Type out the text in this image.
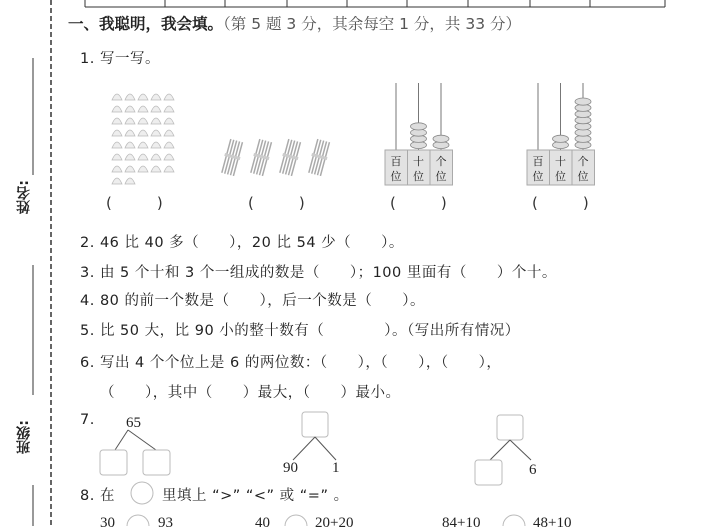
百
位
十
位
个
位
百
位
十
位
个
位
姓名:
班级:
一、我聪明，我会填。（第 5 题 3 分，其余每空 1 分，共 33 分）
1. 写一写。
(　　　)	(　　　)	(　　　)	(　　　)
2. 46 比 40 多（　　），20 比 54 少（　　）。
3. 由 5 个十和 3 个一组成的数是（　　）；100 里面有（　　）个十。
4. 80 的前一个数是（　　），后一个数是（　　）。
5. 比 50 大，比 90 小的整十数有（　　　　）。（写出所有情况）
6. 写出 4 个个位上是 6 的两位数：（　　），（　　），（　　），
（　　），其中（　　）最大，（　　）最小。
7. 65
90 1	6
8. 在	里填上 “>” “<” 或 “=” 。
30	93	40	20+20	84+10	48+10
